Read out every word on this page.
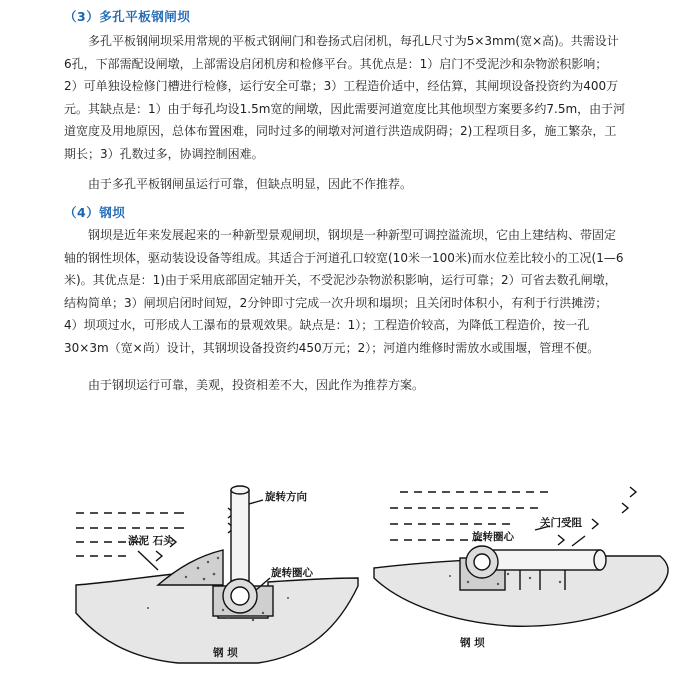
（3）多孔平板钢闸坝
多孔平板钢闸坝采用常规的平板式钢闸门和卷扬式启闭机，每孔L尺寸为5×3mm(宽×高)。共需设计
6孔，下部需配设闸墩，上部需设启闭机房和检修平台。其优点是：1）启门不受泥沙和杂物淤积影响；
2）可单独设检修门槽进行检修，运行安全可靠；3）工程造价适中，经估算，其闸坝设备投资约为400万
元。其缺点是：1）由于每孔均设1.5m宽的闸墩，因此需要河道宽度比其他坝型方案要多约7.5m，由于河
道宽度及用地原因，总体布置困难，同时过多的闸墩对河道行洪造成阴碍；2)工程项目多，施工繁杂，工
期长；3）孔数过多，协调控制困难。
由于多孔平板钢闸虽运行可靠，但缺点明显，因此不作推荐。
（4）钢坝
钢坝是近年来发展起来的一种新型景观闸坝，钢坝是一种新型可调控溢流坝，它由上建结构、带固定
轴的钢性坝体，驱动装设设备等组成。其适合于河道孔口较宽(10米一100米)而水位差比较小的工况(1—6
米)。其优点是：1)由于采用底部固定轴开关，不受泥沙杂物淤积影响，运行可靠；2）可省去数孔闸墩，
结构简单；3）闸坝启闭时间短，2分钟即寸完成一次升坝和塌坝；且关闭时体积小，有利于行洪摊涝；
4）坝项过水，可形成人工瀑布的景观效果。缺点是：1）；工程造价较高，为降低工程造价，按一孔
30×3m（宽×尚）设计，其钢坝设备投资约450万元；2）；河道内维修时需放水或围堰，管理不便。
由于钢坝运行可靠，美观，投资相差不大，因此作为推荐方案。
旋转方向
淤泥 石头
旋转圈心
钢 坝
关门受阻
旋转圈心
钢 坝
